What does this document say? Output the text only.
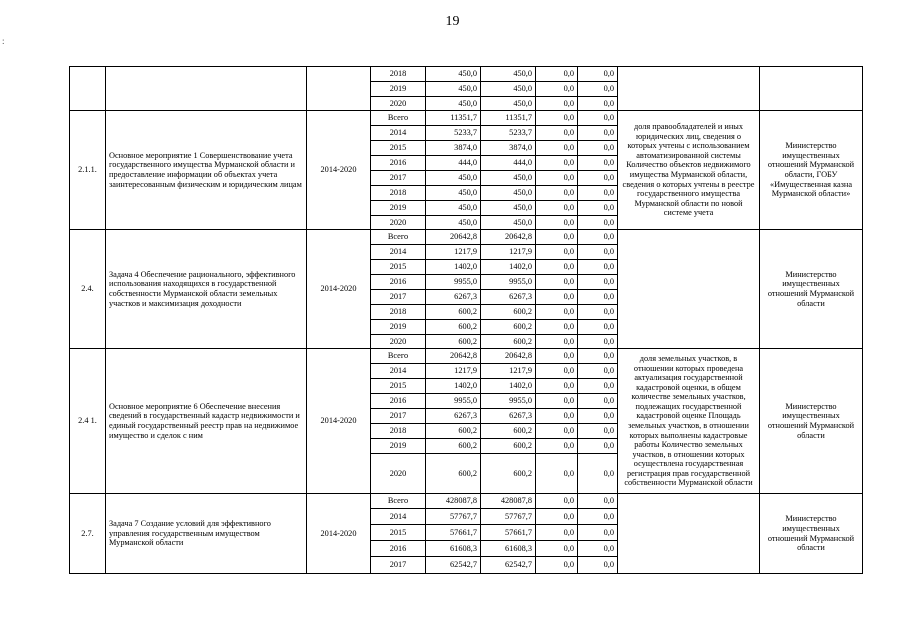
19
:
			2018	450,0	450,0	0,0	0,0		
			2019	450,0	450,0	0,0	0,0		
			2020	450,0	450,0	0,0	0,0		
2.1.1.	Основное мероприятие 1 Совершенствование учета государственного имущества Мурманской области и предоставление информации об объектах учета заинтересованным физическим и юридическим лицам	2014-2020	Всего	11351,7	11351,7	0,0	0,0	доля правообладателей и иных юридических лиц, сведения о которых учтены с использованием автоматизированной системы Количество объектов недвижимого имущества Мурманской области, сведения о которых учтены в реестре государственного имущества Мурманской области по новой системе учета	Министерство имущественных отношений Мурманской области, ГОБУ «Имущественная казна Мурманской области»
			2014	5233,7	5233,7	0,0	0,0		
			2015	3874,0	3874,0	0,0	0,0		
			2016	444,0	444,0	0,0	0,0		
			2017	450,0	450,0	0,0	0,0		
			2018	450,0	450,0	0,0	0,0		
			2019	450,0	450,0	0,0	0,0		
			2020	450,0	450,0	0,0	0,0		
2.4.	Задача 4 Обеспечение рационального, эффективного использования находящихся в государственной собственности Мурманской области земельных участков и максимизация доходности	2014-2020	Всего	20642,8	20642,8	0,0	0,0		Министерство имущественных отношений Мурманской области
			2014	1217,9	1217,9	0,0	0,0		
			2015	1402,0	1402,0	0,0	0,0		
			2016	9955,0	9955,0	0,0	0,0		
			2017	6267,3	6267,3	0,0	0,0		
			2018	600,2	600,2	0,0	0,0		
			2019	600,2	600,2	0,0	0,0		
			2020	600,2	600,2	0,0	0,0		
2.4 1.	Основное мероприятие 6 Обеспечение внесения сведений в государственный кадастр недвижимости и единый государственный реестр прав на недвижимое имущество и сделок с ним	2014-2020	Всего	20642,8	20642,8	0,0	0,0	доля земельных участков, в отношении которых проведена актуализация государственной кадастровой оценки, в общем количестве земельных участков, подлежащих государственной кадастровой оценке Площадь земельных участков, в отношении которых выполнены кадастровые работы Количество земельных участков, в отношении которых осуществлена государственная регистрация прав государственной собственности Мурманской области	Министерство имущественных отношений Мурманской области
			2014	1217,9	1217,9	0,0	0,0		
			2015	1402,0	1402,0	0,0	0,0		
			2016	9955,0	9955,0	0,0	0,0		
			2017	6267,3	6267,3	0,0	0,0		
			2018	600,2	600,2	0,0	0,0		
			2019	600,2	600,2	0,0	0,0		
			2020	600,2	600,2	0,0	0,0		
2.7.	Задача 7 Создание условий для эффективного управления государственным имуществом Мурманской области	2014-2020	Всего	428087,8	428087,8	0,0	0,0		Министерство имущественных отношений Мурманской области
			2014	57767,7	57767,7	0,0	0,0		
			2015	57661,7	57661,7	0,0	0,0		
			2016	61608,3	61608,3	0,0	0,0		
			2017	62542,7	62542,7	0,0	0,0		
